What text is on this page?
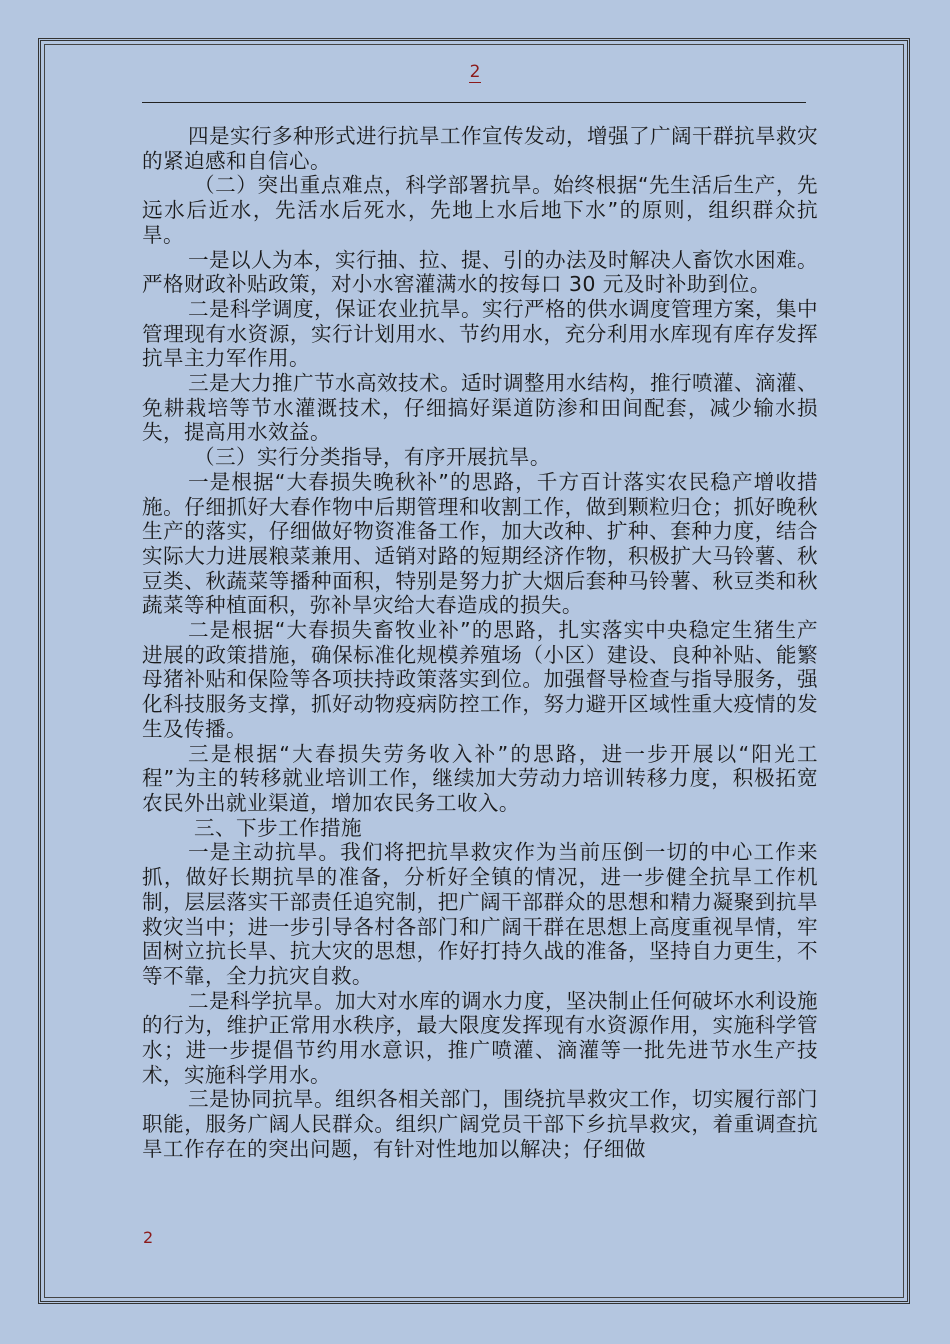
2

四是实行多种形式进行抗旱工作宣传发动，增强了广阔干群抗旱救灾的紧迫感和自信心。

（二）突出重点难点，科学部署抗旱。始终根据“先生活后生产，先远水后近水，先活水后死水，先地上水后地下水”的原则，组织群众抗旱。

一是以人为本，实行抽、拉、提、引的办法及时解决人畜饮水困难。严格财政补贴政策，对小水窖灌满水的按每口 30 元及时补助到位。

二是科学调度，保证农业抗旱。实行严格的供水调度管理方案，集中管理现有水资源，实行计划用水、节约用水，充分利用水库现有库存发挥抗旱主力军作用。

三是大力推广节水高效技术。适时调整用水结构，推行喷灌、滴灌、免耕栽培等节水灌溉技术，仔细搞好渠道防渗和田间配套，减少输水损失，提高用水效益。

（三）实行分类指导，有序开展抗旱。

一是根据“大春损失晚秋补”的思路，千方百计落实农民稳产增收措施。仔细抓好大春作物中后期管理和收割工作，做到颗粒归仓；抓好晚秋生产的落实，仔细做好物资准备工作，加大改种、扩种、套种力度，结合实际大力进展粮菜兼用、适销对路的短期经济作物，积极扩大马铃薯、秋豆类、秋蔬菜等播种面积，特别是努力扩大烟后套种马铃薯、秋豆类和秋蔬菜等种植面积，弥补旱灾给大春造成的损失。

二是根据“大春损失畜牧业补”的思路，扎实落实中央稳定生猪生产进展的政策措施，确保标准化规模养殖场（小区）建设、良种补贴、能繁母猪补贴和保险等各项扶持政策落实到位。加强督导检查与指导服务，强化科技服务支撑，抓好动物疫病防控工作，努力避开区域性重大疫情的发生及传播。

三是根据“大春损失劳务收入补”的思路，进一步开展以“阳光工程”为主的转移就业培训工作，继续加大劳动力培训转移力度，积极拓宽农民外出就业渠道，增加农民务工收入。

三、下步工作措施

一是主动抗旱。我们将把抗旱救灾作为当前压倒一切的中心工作来抓，做好长期抗旱的准备，分析好全镇的情况，进一步健全抗旱工作机制，层层落实干部责任追究制，把广阔干部群众的思想和精力凝聚到抗旱救灾当中；进一步引导各村各部门和广阔干群在思想上高度重视旱情，牢固树立抗长旱、抗大灾的思想，作好打持久战的准备，坚持自力更生，不等不靠，全力抗灾自救。

二是科学抗旱。加大对水库的调水力度，坚决制止任何破坏水利设施的行为，维护正常用水秩序，最大限度发挥现有水资源作用，实施科学管水；进一步提倡节约用水意识，推广喷灌、滴灌等一批先进节水生产技术，实施科学用水。

三是协同抗旱。组织各相关部门，围绕抗旱救灾工作，切实履行部门职能，服务广阔人民群众。组织广阔党员干部下乡抗旱救灾，着重调查抗旱工作存在的突出问题，有针对性地加以解决；仔细做

2
